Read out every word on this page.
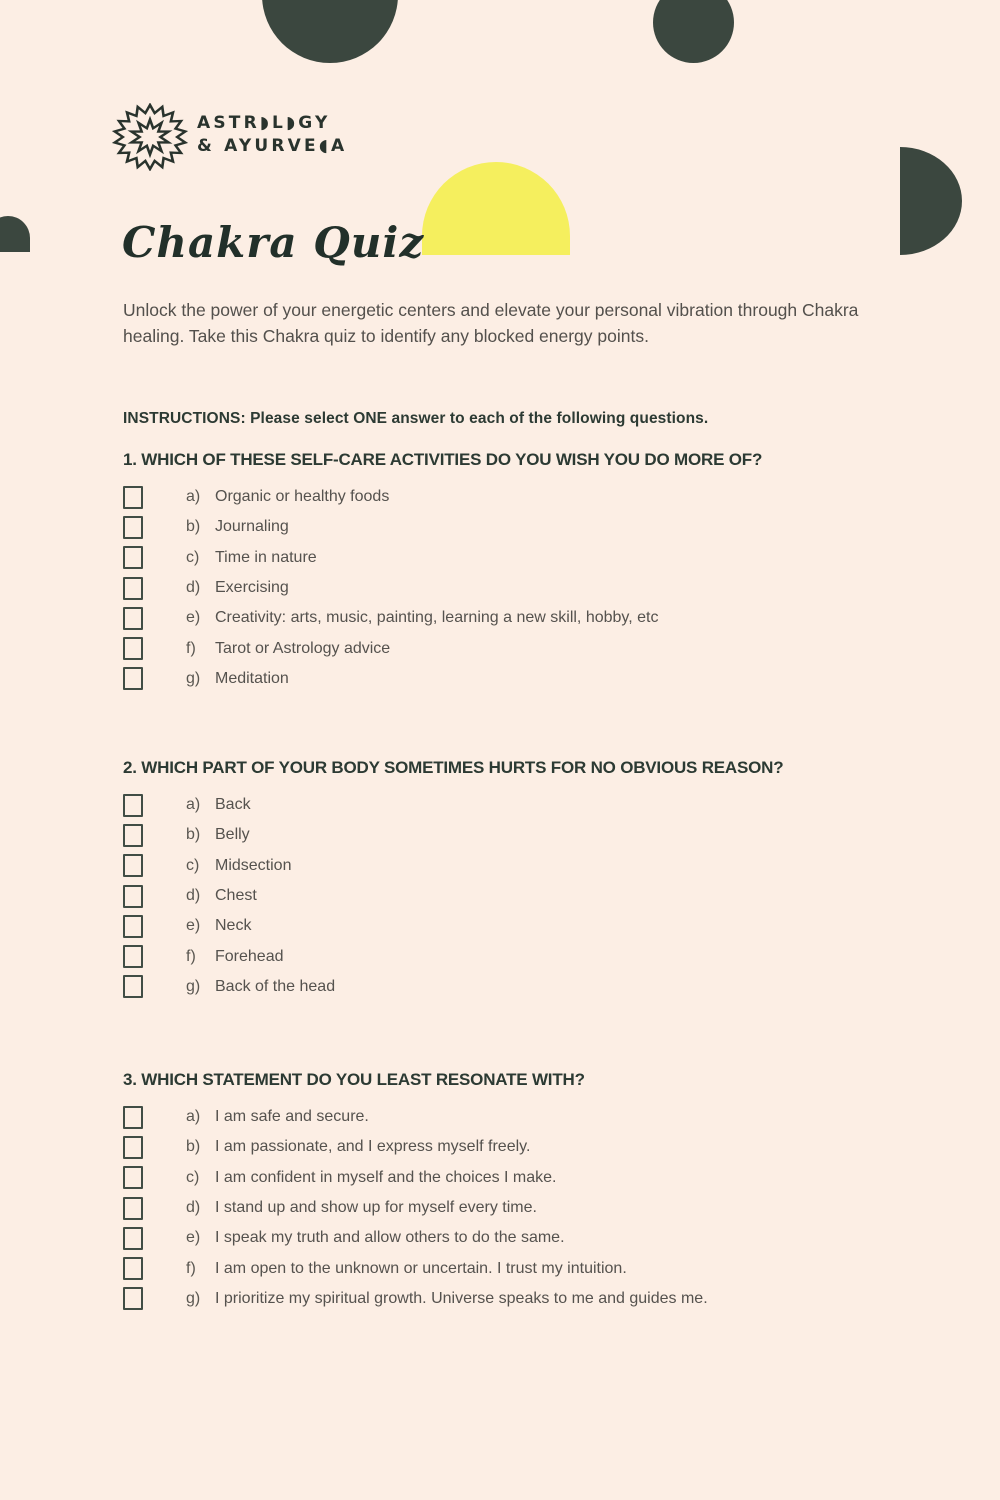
ASTR◗L◗GY
& AYURVE◖A
Chakra Quiz
Unlock the power of your energetic centers and elevate your personal vibration through Chakra healing. Take this Chakra quiz to identify any blocked energy points.
INSTRUCTIONS: Please select ONE answer to each of the following questions.
1. WHICH OF THESE SELF-CARE ACTIVITIES DO YOU WISH YOU DO MORE OF?
a) Organic or healthy foods
b) Journaling
c) Time in nature
d) Exercising
e) Creativity: arts, music, painting, learning a new skill, hobby, etc
f)	Tarot or Astrology advice
g) Meditation
2. WHICH PART OF YOUR BODY SOMETIMES HURTS FOR NO OBVIOUS REASON?
a) Back
b) Belly
c) Midsection
d) Chest
e) Neck
f)	Forehead
g) Back of the head
3. WHICH STATEMENT DO YOU LEAST RESONATE WITH?
a) I am safe and secure.
b) I am passionate, and I express myself freely.
c) I am confident in myself and the choices I make.
d) I stand up and show up for myself every time.
e) I speak my truth and allow others to do the same.
f)	I am open to the unknown or uncertain. I trust my intuition.
g) I prioritize my spiritual growth. Universe speaks to me and guides me.
